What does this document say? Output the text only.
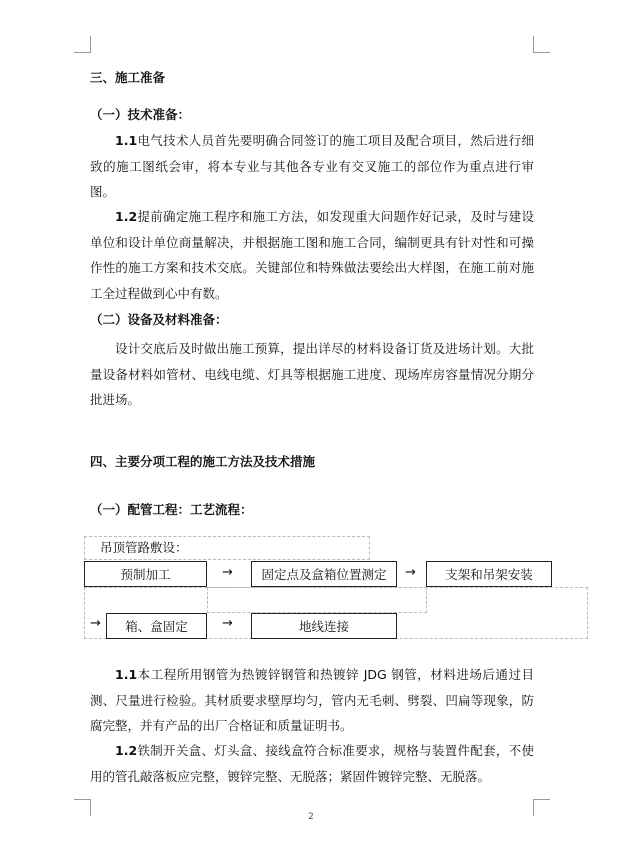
三、施工准备
（一）技术准备：
1.1电气技术人员首先要明确合同签订的施工项目及配合项目，然后进行细致的施工图纸会审，将本专业与其他各专业有交叉施工的部位作为重点进行审图。
1.2提前确定施工程序和施工方法，如发现重大问题作好记录，及时与建设单位和设计单位商量解决，并根据施工图和施工合同，编制更具有针对性和可操作性的施工方案和技术交底。关键部位和特殊做法要绘出大样图，在施工前对施工全过程做到心中有数。
（二）设备及材料准备：
设计交底后及时做出施工预算，提出详尽的材料设备订货及进场计划。大批量设备材料如管材、电线电缆、灯具等根据施工进度、现场库房容量情况分期分批进场。
四、主要分项工程的施工方法及技术措施
（一）配管工程：工艺流程：
吊顶管路敷设：
预制加工	→	固定点及盒箱位置测定	→	支架和吊架安装
→	箱、盒固定	→	地线连接
1.1本工程所用钢管为热镀锌钢管和热镀锌 JDG 钢管，材料进场后通过目测、尺量进行检验。其材质要求壁厚均匀，管内无毛刺、劈裂、凹扁等现象，防腐完整，并有产品的出厂合格证和质量证明书。
1.2铁制开关盒、灯头盒、接线盒符合标准要求，规格与装置件配套，不使用的管孔敲落板应完整，镀锌完整、无脱落；紧固件镀锌完整、无脱落。
2
